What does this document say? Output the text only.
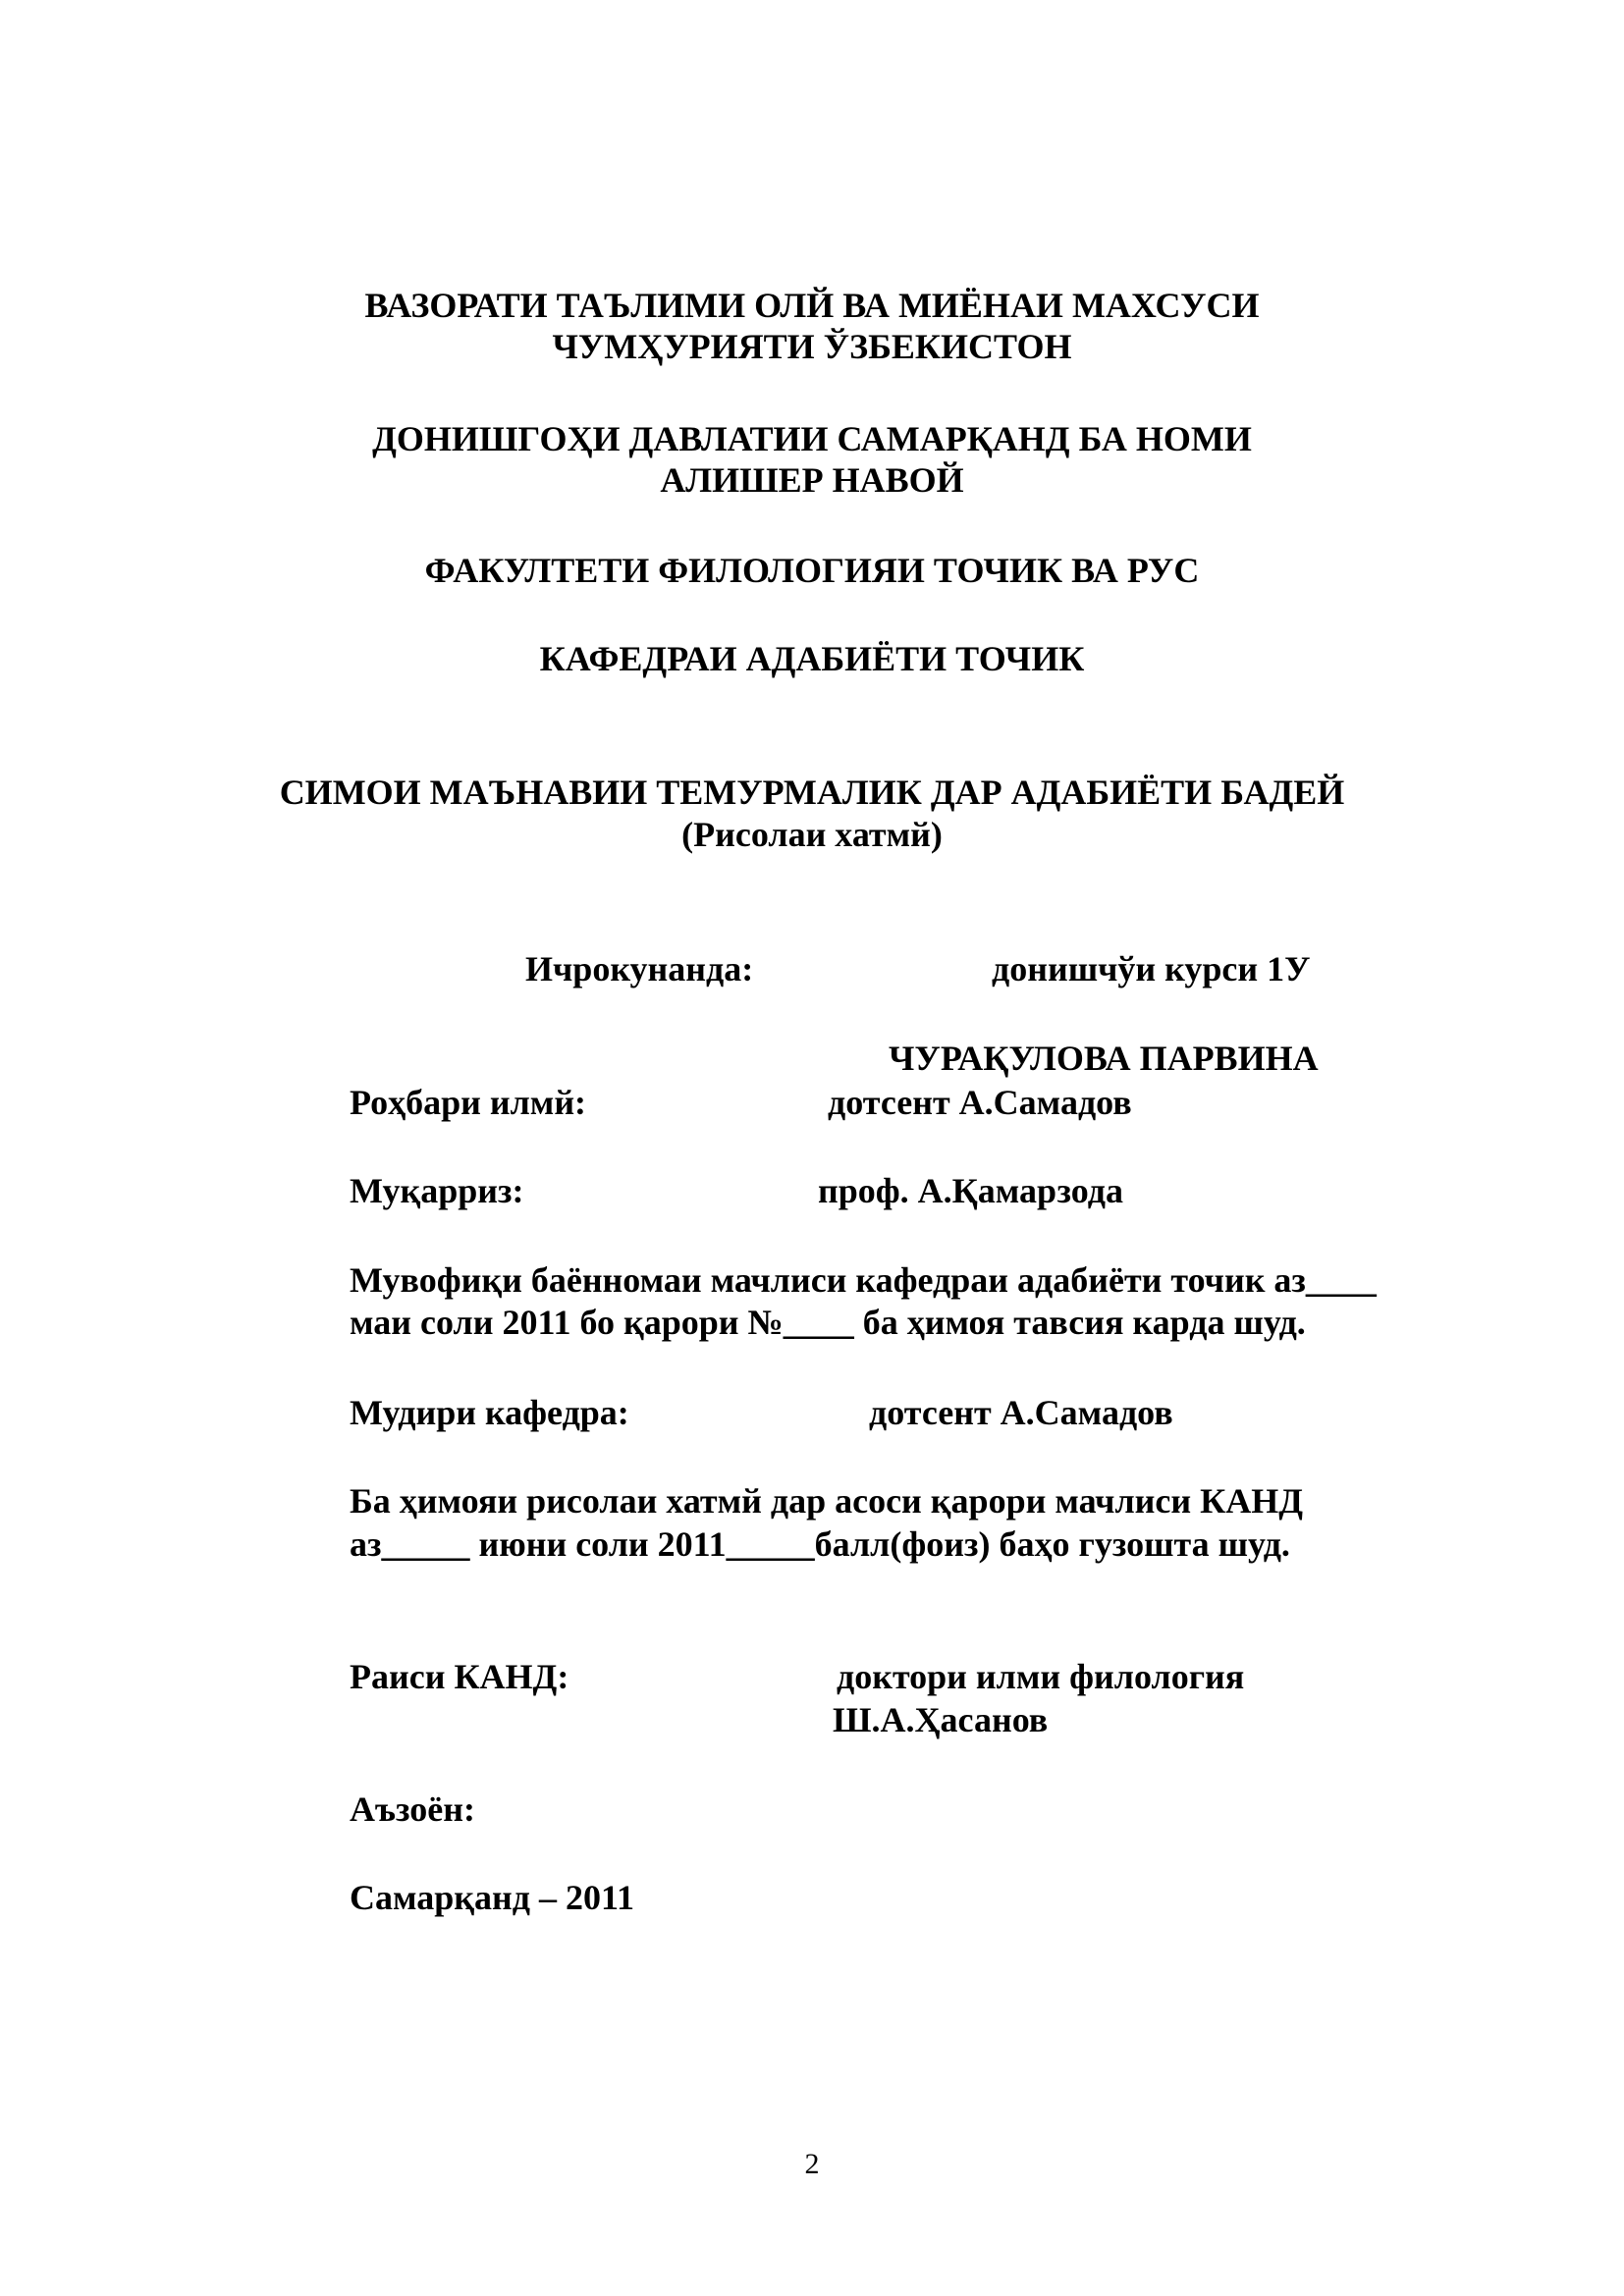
ВАЗОРАТИ ТАЪЛИМИ ОЛЙ ВА МИЁНАИ МАХСУСИ
ЧУМҲУРИЯТИ ЎЗБЕКИСТОН
ДОНИШГОҲИ ДАВЛАТИИ САМАРҚАНД БА НОМИ
АЛИШЕР НАВОЙ
ФАКУЛТЕТИ ФИЛОЛОГИЯИ ТОЧИК ВА РУС
КАФЕДРАИ АДАБИЁТИ ТОЧИК
СИМОИ МАЪНАВИИ ТЕМУРМАЛИК ДАР АДАБИЁТИ БАДЕЙ
(Рисолаи хатмй)
Ичрокунанда:	донишчўи курси 1У
ЧУРАҚУЛОВА ПАРВИНА
Роҳбари илмй:	дотсент А.Самадов
Муқарриз:	проф. А.Қамарзода
Мувофиқи баённомаи мачлиси кафедраи адабиёти точик аз____
маи соли 2011 бо қарори №____ ба ҳимоя тавсия карда шуд.
Мудири кафедра:	дотсент А.Самадов
Ба ҳимояи рисолаи хатмй дар асоси қарори мачлиси КАНД
аз_____ июни соли 2011_____балл(фоиз) баҳо гузошта шуд.
Раиси КАНД:	доктори илми филология
Ш.А.Ҳасанов
Аъзоён:
Самарқанд – 2011
2
